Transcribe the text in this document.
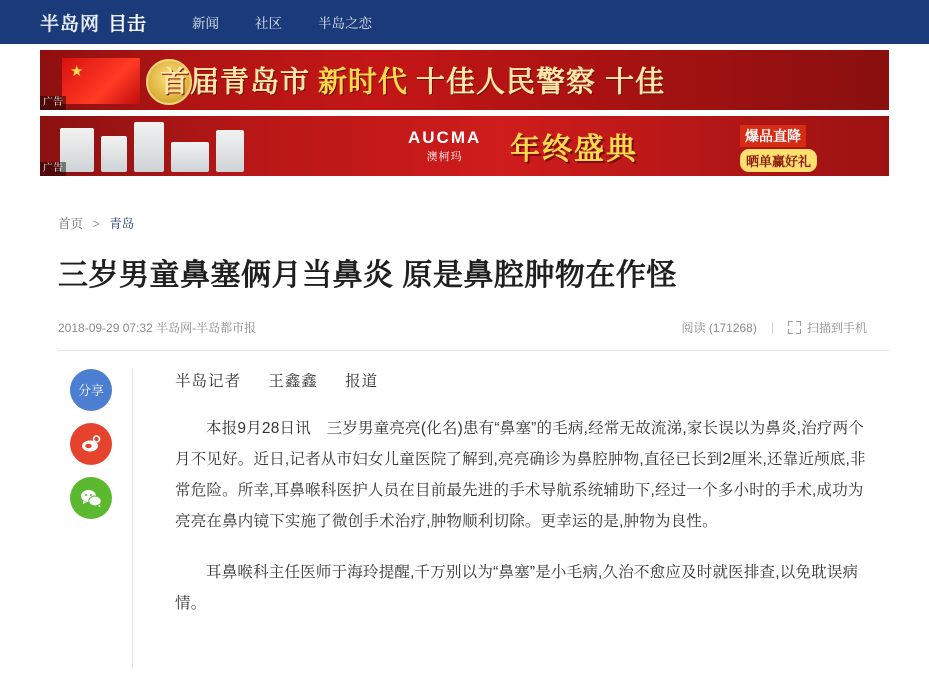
半岛网 目击	新闻	社区	半岛之恋
★
首届青岛市 新时代 十佳人民警察 十佳
广告
AUCMA
澳柯玛	年终盛典	爆品直降
晒单赢好礼
广告
首页 > 青岛
三岁男童鼻塞俩月当鼻炎 原是鼻腔肿物在作怪
2018-09-29 07:32 半岛网-半岛都市报	阅读 (171268) |	扫描到手机
分享
半岛记者 王鑫鑫 报道

本报9月28日讯　三岁男童亮亮(化名)患有“鼻塞”的毛病,经常无故流涕,家长误以为鼻炎,治疗两个月不见好。近日,记者从市妇女儿童医院了解到,亮亮确诊为鼻腔肿物,直径已长到2厘米,还靠近颅底,非常危险。所幸,耳鼻喉科医护人员在目前最先进的手术导航系统辅助下,经过一个多小时的手术,成功为亮亮在鼻内镜下实施了微创手术治疗,肿物顺利切除。更幸运的是,肿物为良性。

耳鼻喉科主任医师于海玲提醒,千万别以为“鼻塞”是小毛病,久治不愈应及时就医排查,以免耽误病情。
